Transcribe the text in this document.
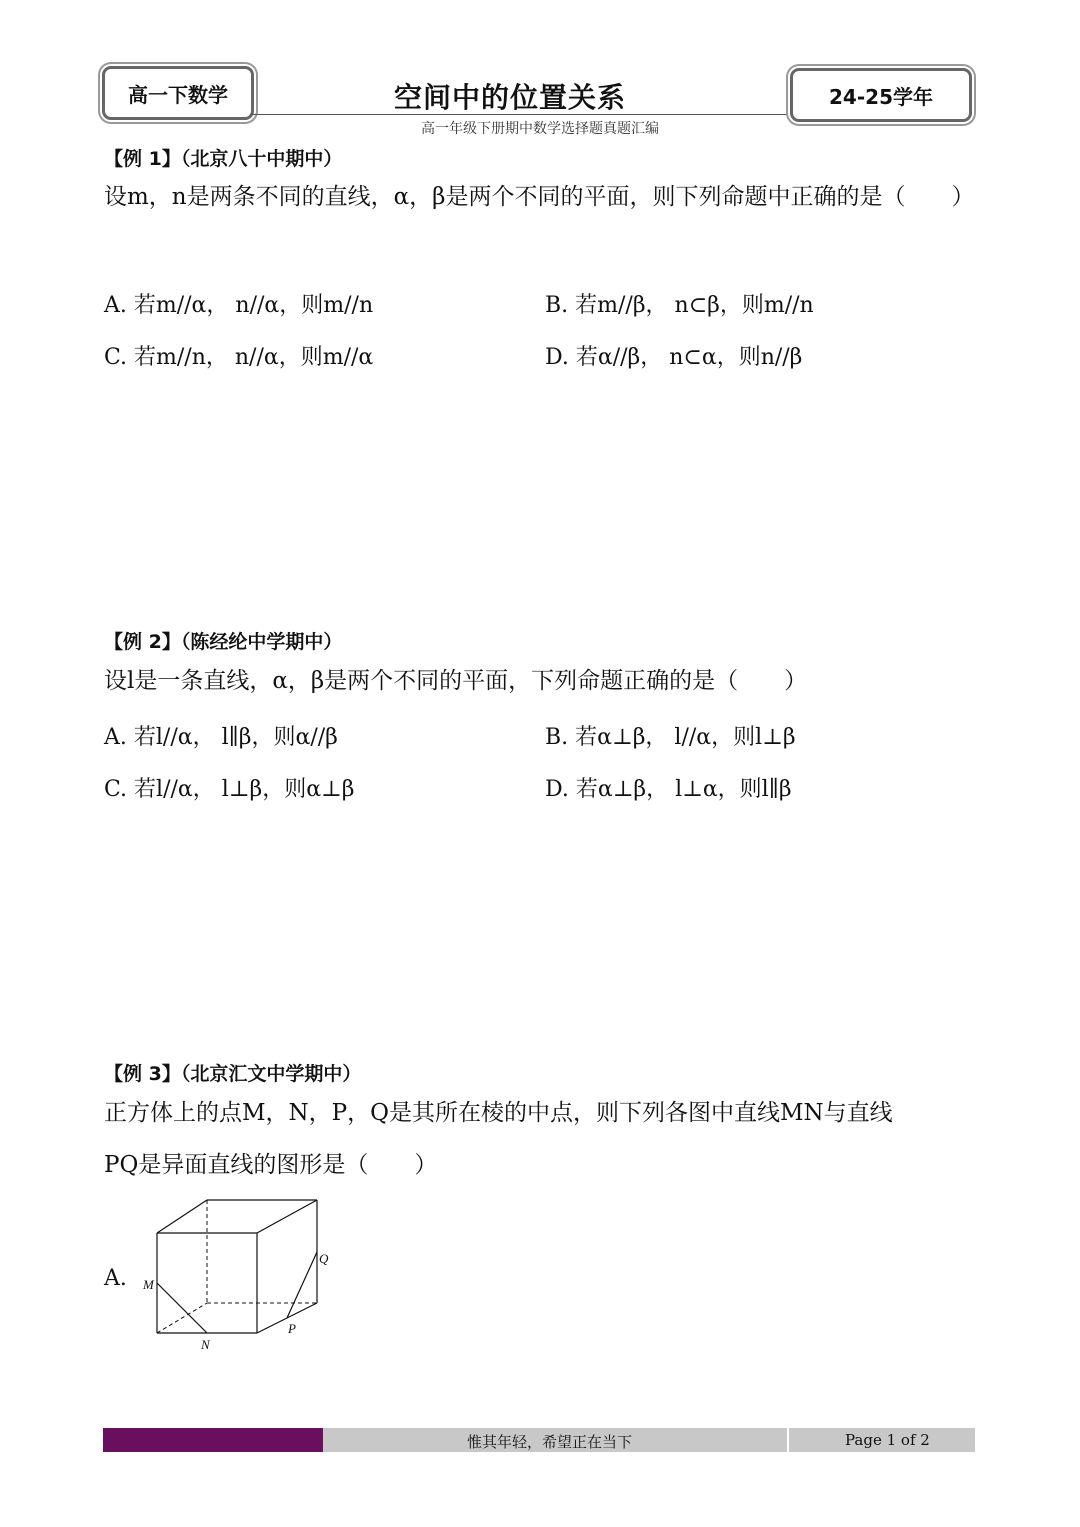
高一下数学	空间中的位置关系
高一年级下册期中数学选择题真题汇编
24-25学年
【例 1】（北京八十中期中）
设m，n是两条不同的直线，α，β是两个不同的平面，则下列命题中正确的是（　　）
A. 若m//α， n//α，则m//n	B. 若m//β， n⊂β，则m//n
C. 若m//n， n//α，则m//α	D. 若α//β， n⊂α，则n//β
【例 2】（陈经纶中学期中）
设l是一条直线，α，β是两个不同的平面，下列命题正确的是（　　）
A. 若l//α， l∥β，则α//β	B. 若α⊥β， l//α，则l⊥β
C. 若l//α， l⊥β，则α⊥β	D. 若α⊥β， l⊥α，则l∥β
【例 3】（北京汇文中学期中）
正方体上的点M，N，P，Q是其所在棱的中点，则下列各图中直线MN与直线
PQ是异面直线的图形是（　　）
A. M
N
P
Q
惟其年轻，希望正在当下	Page 1 of 2
